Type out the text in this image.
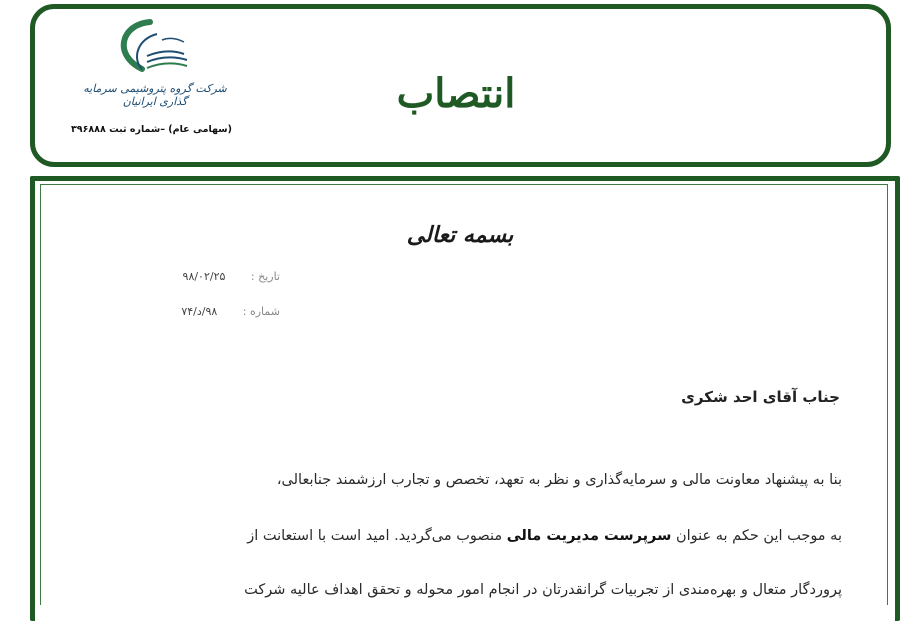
شرکت گروه پتروشیمی سرمایه گذاری ایرانیان
(سهامی عام) –شماره ثبت ۳۹۶۸۸۸
انتصاب
بسمه تعالی
تاریخ : ۹۸/۰۲/۲۵
شماره : ۹۸/د/۷۴
جناب آقای احد شکری
بنا به پیشنهاد معاونت مالی و سرمایه‌گذاری و نظر به تعهد، تخصص و تجارب ارزشمند جنابعالی،
به موجب این حکم به عنوان سرپرست مدیریت مالی منصوب می‌گردید. امید است با استعانت از
پروردگار متعال و بهره‌مندی از تجربیات گرانقدرتان در انجام امور محوله و تحقق اهداف عالیه شرکت
